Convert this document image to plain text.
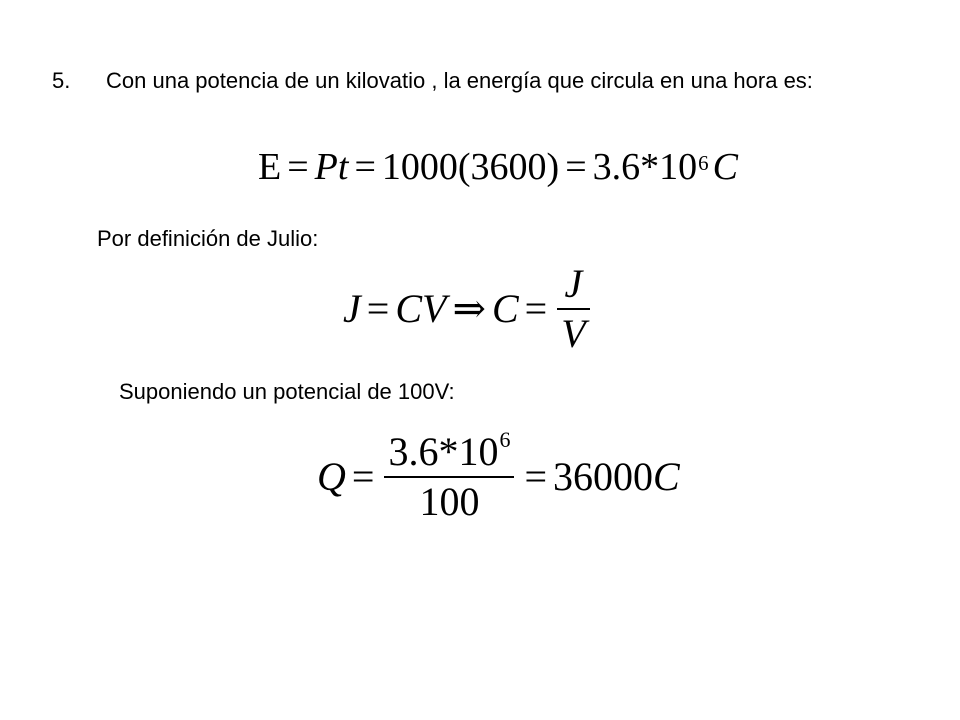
5. Con una potencia de un kilovatio , la energía que circula en una hora es:
$E = Pt = 1000(3600) = 3.6*10^6$ C
Por definición de Julio:
J = CV ⇒ $C = \frac{J}{V}$
Suponiendo un potencial de 100V:
$Q = \frac{3.6*10^6}{100} = 36000$ C
